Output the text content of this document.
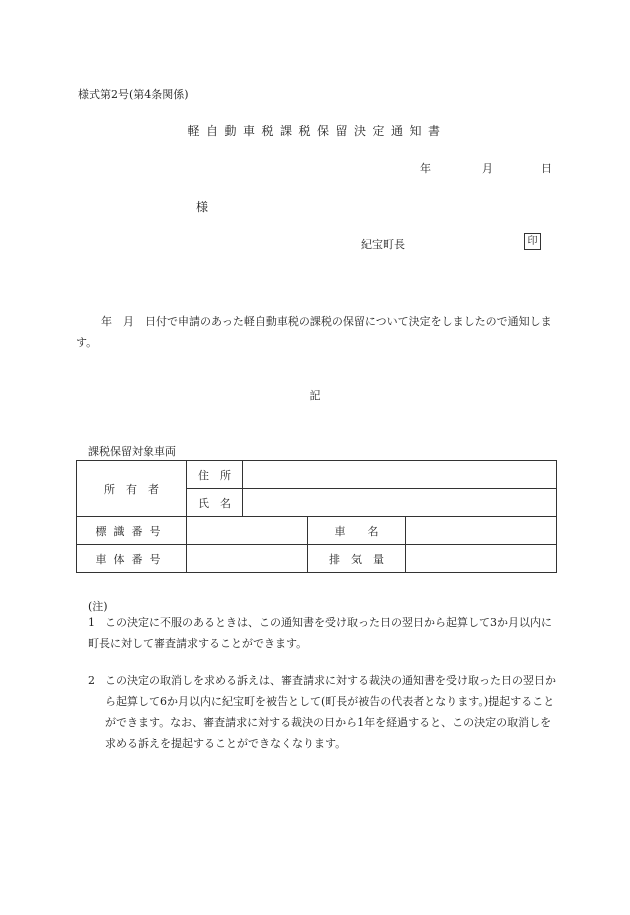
様式第2号(第4条関係)
軽自動車税課税保留決定通知書
年	月	日
様
紀宝町長	印
年　月　日付で申請のあった軽自動車税の課税の保留について決定をしましたので通知します。
記
課税保留対象車両
所　有　者	住　所			
	氏　名			
標識番号			車　　名	
車体番号			排　気　量	
(注)
1 この決定に不服のあるときは、この通知書を受け取った日の翌日から起算して3か月以内に町長に対して審査請求することができます。
2 この決定の取消しを求める訴えは、審査請求に対する裁決の通知書を受け取った日の翌日から起算して6か月以内に紀宝町を被告として(町長が被告の代表者となります。)提起することができます。なお、審査請求に対する裁決の日から1年を経過すると、この決定の取消しを求める訴えを提起することができなくなります。
